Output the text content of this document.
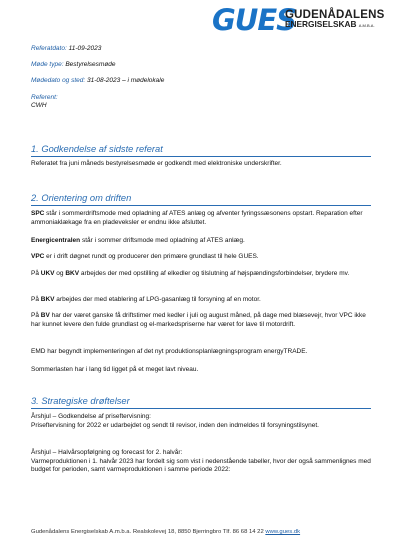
GUES
GUDENÅDALENS
ENERGISELSKAB A.M.B.A.
Referatdato: 11-09-2023
Møde type: Bestyrelsesmøde
Mødedato og sted: 31-08-2023 – i mødelokale
Referent:
CWH
1. Godkendelse af sidste referat
Referatet fra juni måneds bestyrelsesmøde er godkendt med elektroniske underskrifter.
2. Orientering om driften
SPC står i sommerdriftsmode med opladning af ATES anlæg og afventer fyringssæsonens opstart. Reparation efter ammoniaklækage fra en pladeveksler er endnu ikke afsluttet.
Energicentralen står i sommer driftsmode med opladning af ATES anlæg.
VPC er i drift døgnet rundt og producerer den primære grundlast til hele GUES.
På UKV og BKV arbejdes der med opstilling af elkedler og tilslutning af højspændingsforbindelser, brydere mv.
På BKV arbejdes der med etablering af LPG-gasanlæg til forsyning af en motor.
På BV har der været ganske få driftstimer med kedler i juli og august måned, på dage med blæsevejr, hvor VPC ikke har kunnet levere den fulde grundlast og el-markedspriserne har været for lave til motordrift.
EMD har begyndt implementeringen af det nyt produktionsplanlægningsprogram energyTRADE.
Sommerlasten har i lang tid ligget på et meget lavt niveau.
3. Strategiske drøftelser
Årshjul – Godkendelse af priseftervisning:
Priseftervisning for 2022 er udarbejdet og sendt til revisor, inden den indmeldes til forsyningstilsynet.
Årshjul – Halvårsopfølgning og forecast for 2. halvår:
Varmeproduktionen i 1. halvår 2023 har fordelt sig som vist i nedenstående tabeller, hvor der også sammenlignes med budget for perioden, samt varmeproduktionen i samme periode 2022:
Gudenådalens Energiselskab A.m.b.a. Realskolevej 18, 8850 Bjerringbro Tlf. 86 68 14 22 www.gues.dk
